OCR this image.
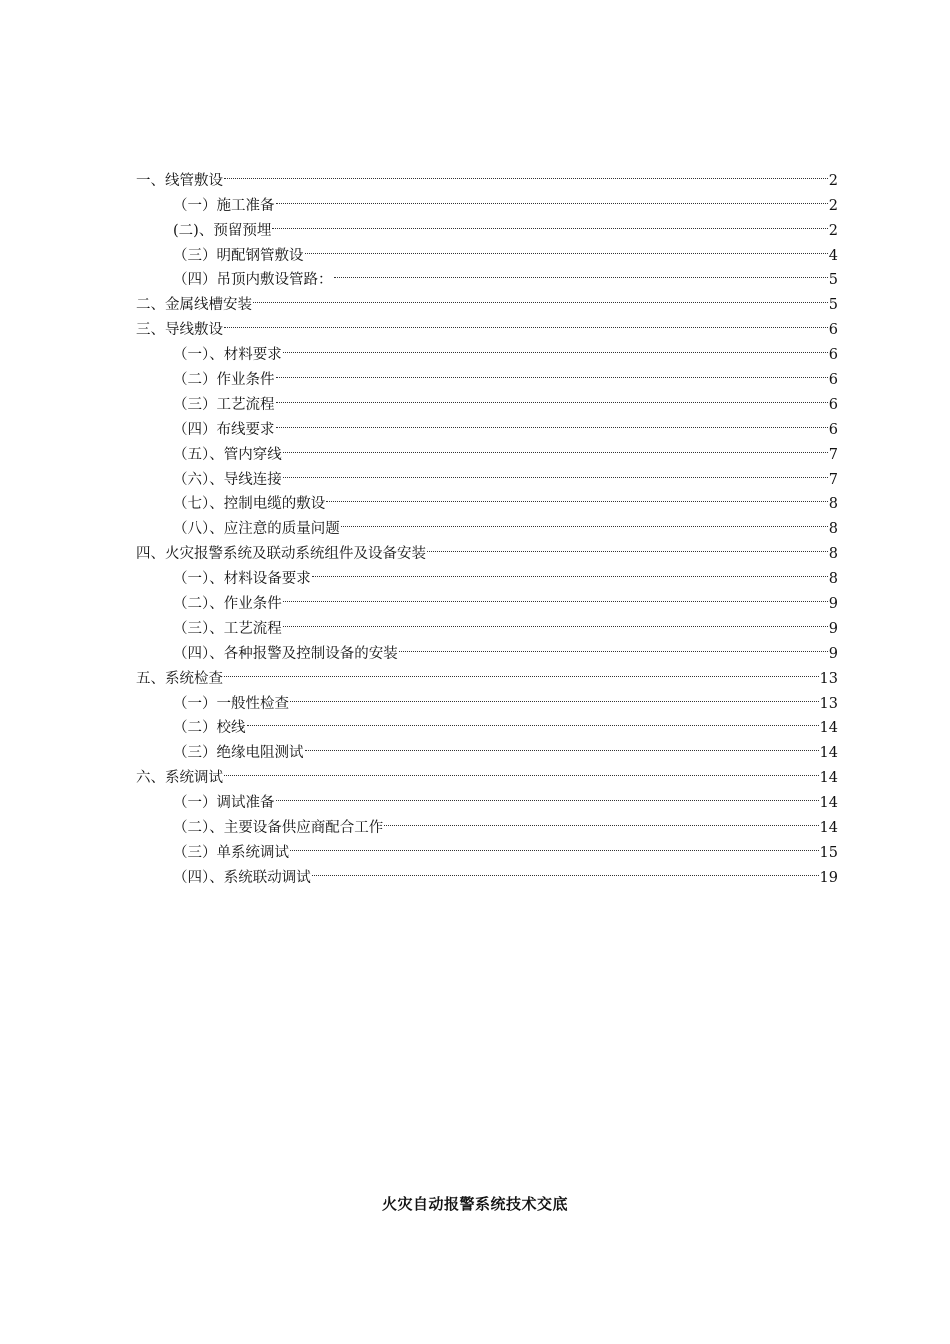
一、线管敷设	2
（一）施工准备	2
(二)、预留预埋	2
（三）明配钢管敷设	4
（四）吊顶内敷设管路：	5
二、金属线槽安装	5
三、导线敷设	6
（一）、材料要求	6
（二）作业条件	6
（三）工艺流程	6
（四）布线要求	6
（五）、管内穿线	7
（六）、导线连接	7
（七）、控制电缆的敷设	8
（八）、应注意的质量问题	8
四、火灾报警系统及联动系统组件及设备安装	8
（一）、材料设备要求	8
（二）、作业条件	9
（三）、工艺流程	9
（四）、各种报警及控制设备的安装	9
五、系统检查	13
（一）一般性检查	13
（二）校线	14
（三）绝缘电阻测试	14
六、系统调试	14
（一）调试准备	14
（二）、主要设备供应商配合工作	14
（三）单系统调试	15
（四）、系统联动调试	19
火灾自动报警系统技术交底
